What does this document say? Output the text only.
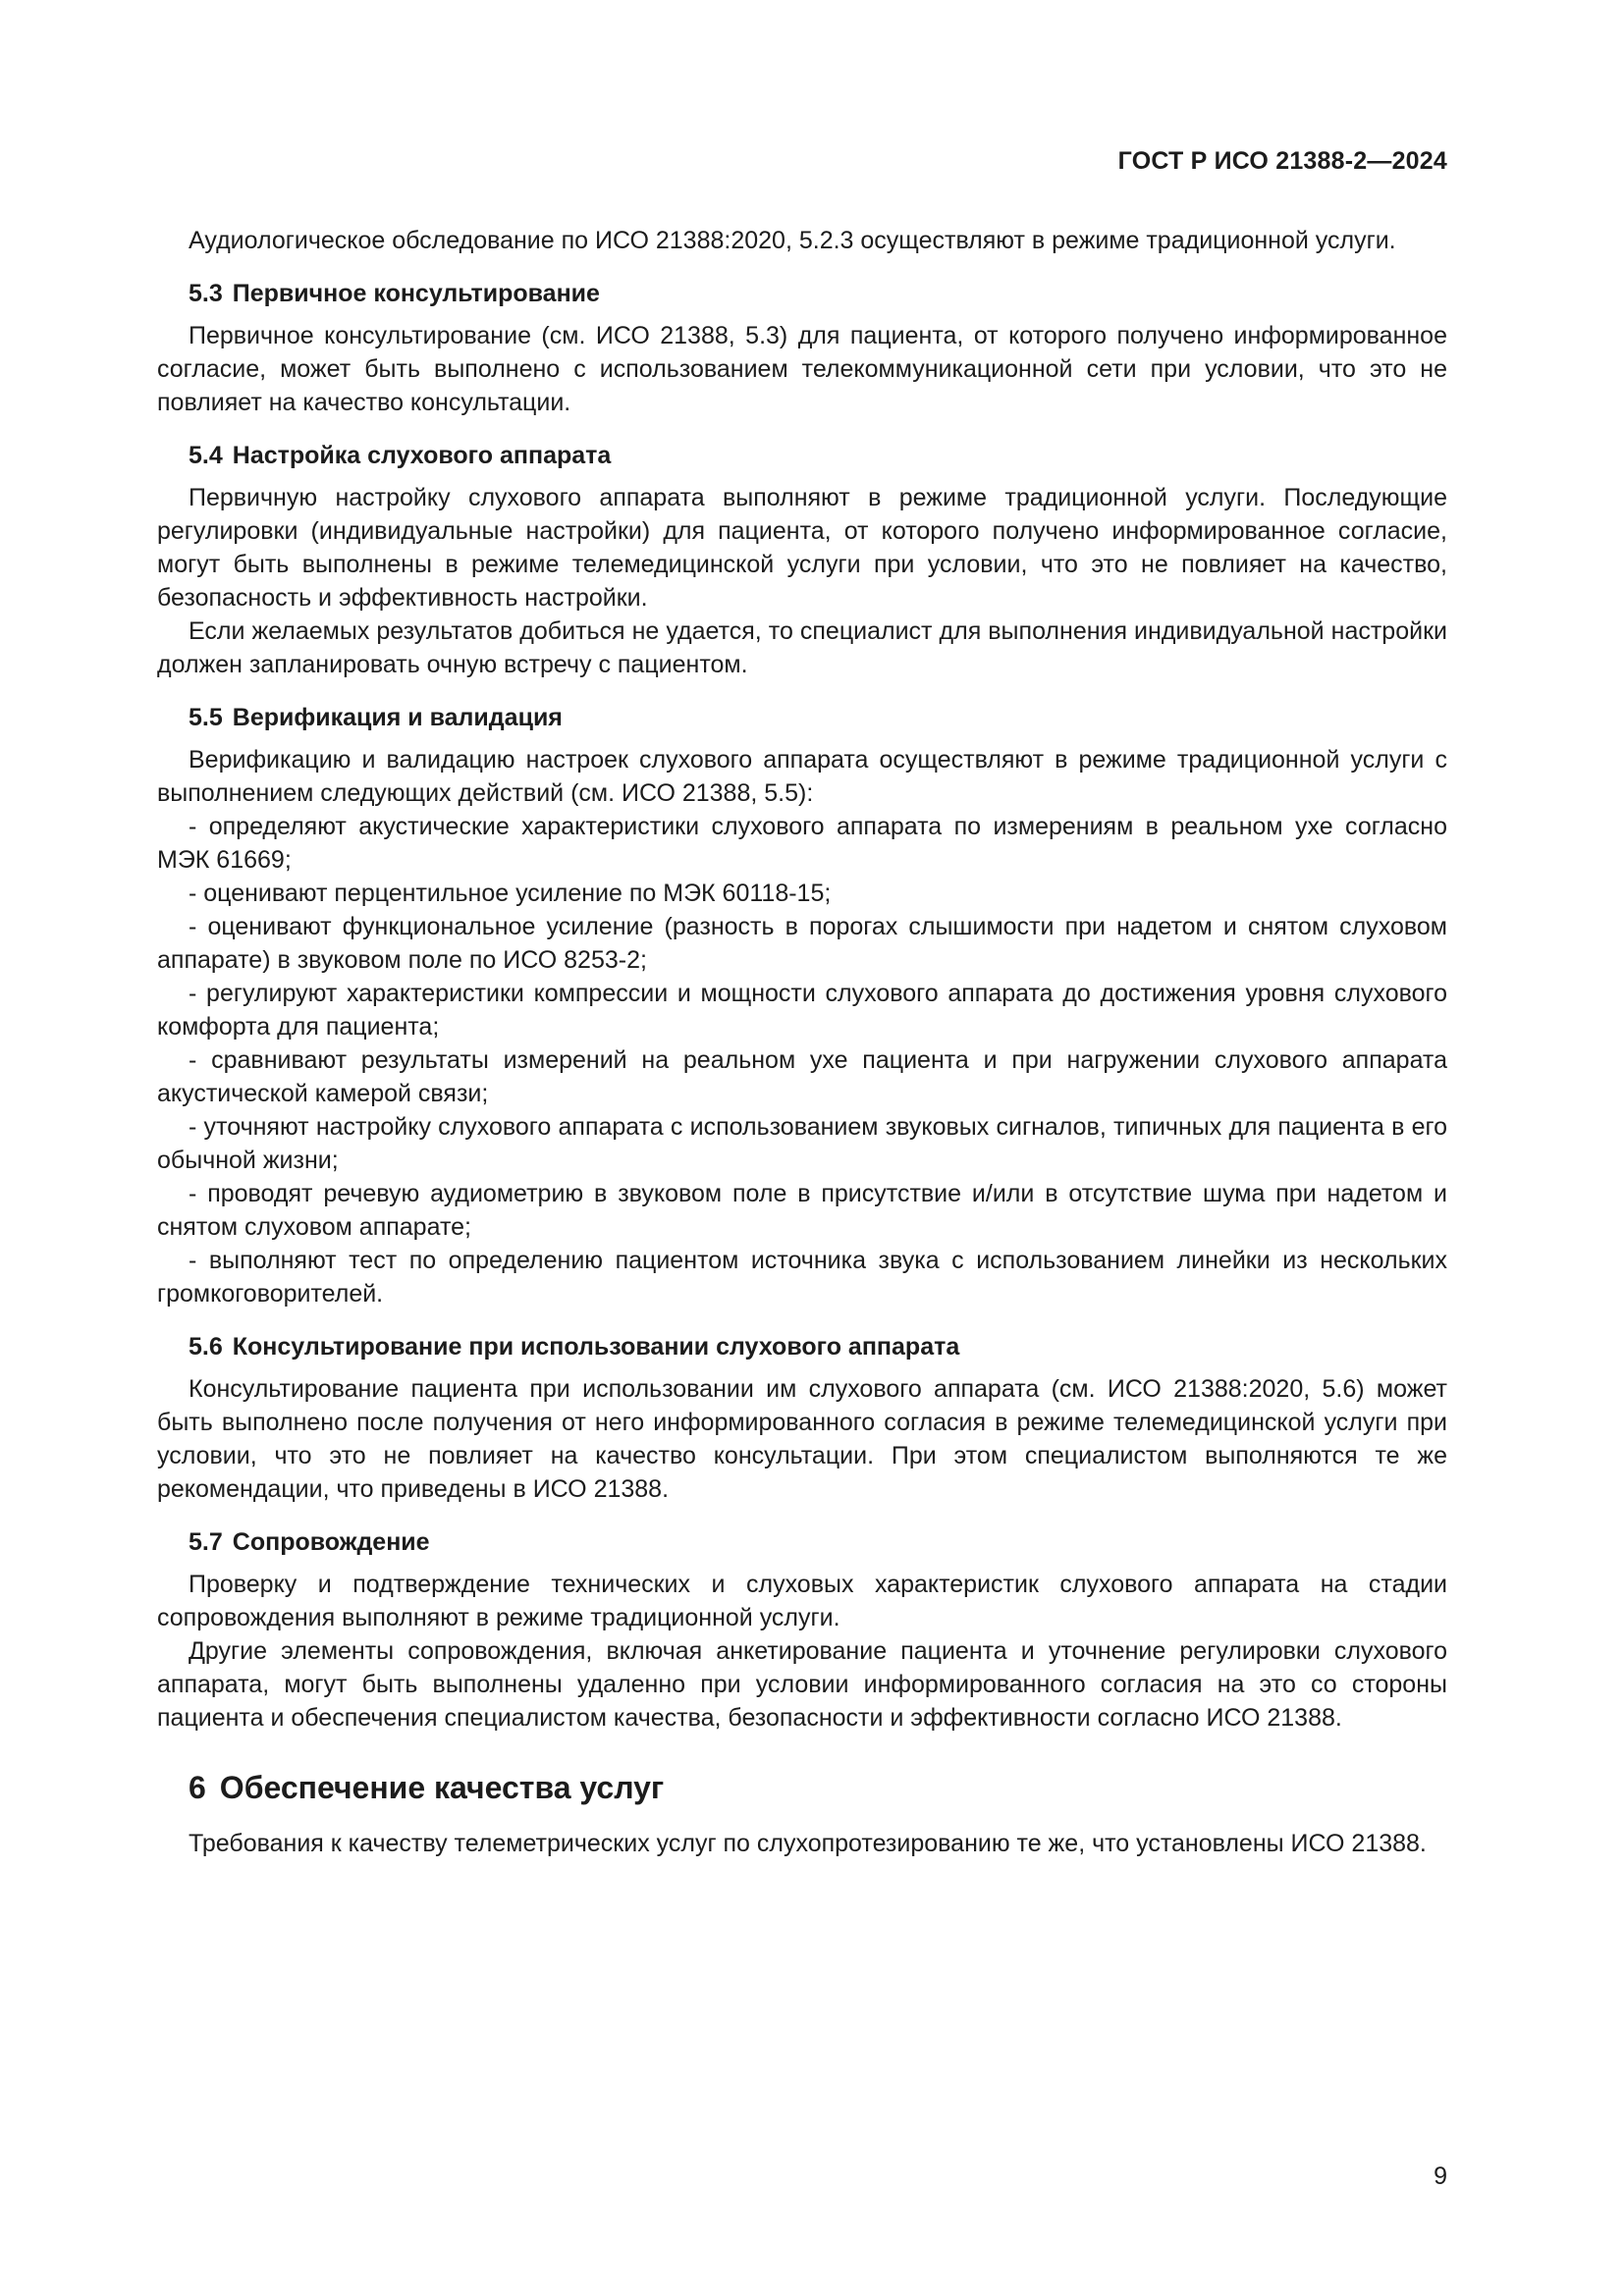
ГОСТ Р ИСО 21388-2—2024

Аудиологическое обследование по ИСО 21388:2020, 5.2.3 осуществляют в режиме традиционной услуги.

5.3 Первичное консультирование

Первичное консультирование (см. ИСО 21388, 5.3) для пациента, от которого получено информированное согласие, может быть выполнено с использованием телекоммуникационной сети при условии, что это не повлияет на качество консультации.

5.4 Настройка слухового аппарата

Первичную настройку слухового аппарата выполняют в режиме традиционной услуги. Последующие регулировки (индивидуальные настройки) для пациента, от которого получено информированное согласие, могут быть выполнены в режиме телемедицинской услуги при условии, что это не повлияет на качество, безопасность и эффективность настройки.

Если желаемых результатов добиться не удается, то специалист для выполнения индивидуальной настройки должен запланировать очную встречу с пациентом.

5.5 Верификация и валидация

Верификацию и валидацию настроек слухового аппарата осуществляют в режиме традиционной услуги с выполнением следующих действий (см. ИСО 21388, 5.5):

- определяют акустические характеристики слухового аппарата по измерениям в реальном ухе согласно МЭК 61669;

- оценивают перцентильное усиление по МЭК 60118-15;

- оценивают функциональное усиление (разность в порогах слышимости при надетом и снятом слуховом аппарате) в звуковом поле по ИСО 8253-2;

- регулируют характеристики компрессии и мощности слухового аппарата до достижения уровня слухового комфорта для пациента;

- сравнивают результаты измерений на реальном ухе пациента и при нагружении слухового аппарата акустической камерой связи;

- уточняют настройку слухового аппарата с использованием звуковых сигналов, типичных для пациента в его обычной жизни;

- проводят речевую аудиометрию в звуковом поле в присутствие и/или в отсутствие шума при надетом и снятом слуховом аппарате;

- выполняют тест по определению пациентом источника звука с использованием линейки из нескольких громкоговорителей.

5.6 Консультирование при использовании слухового аппарата

Консультирование пациента при использовании им слухового аппарата (см. ИСО 21388:2020, 5.6) может быть выполнено после получения от него информированного согласия в режиме телемедицинской услуги при условии, что это не повлияет на качество консультации. При этом специалистом выполняются те же рекомендации, что приведены в ИСО 21388.

5.7 Сопровождение

Проверку и подтверждение технических и слуховых характеристик слухового аппарата на стадии сопровождения выполняют в режиме традиционной услуги.

Другие элементы сопровождения, включая анкетирование пациента и уточнение регулировки слухового аппарата, могут быть выполнены удаленно при условии информированного согласия на это со стороны пациента и обеспечения специалистом качества, безопасности и эффективности согласно ИСО 21388.

6 Обеспечение качества услуг

Требования к качеству телеметрических услуг по слухопротезированию те же, что установлены ИСО 21388.

9
